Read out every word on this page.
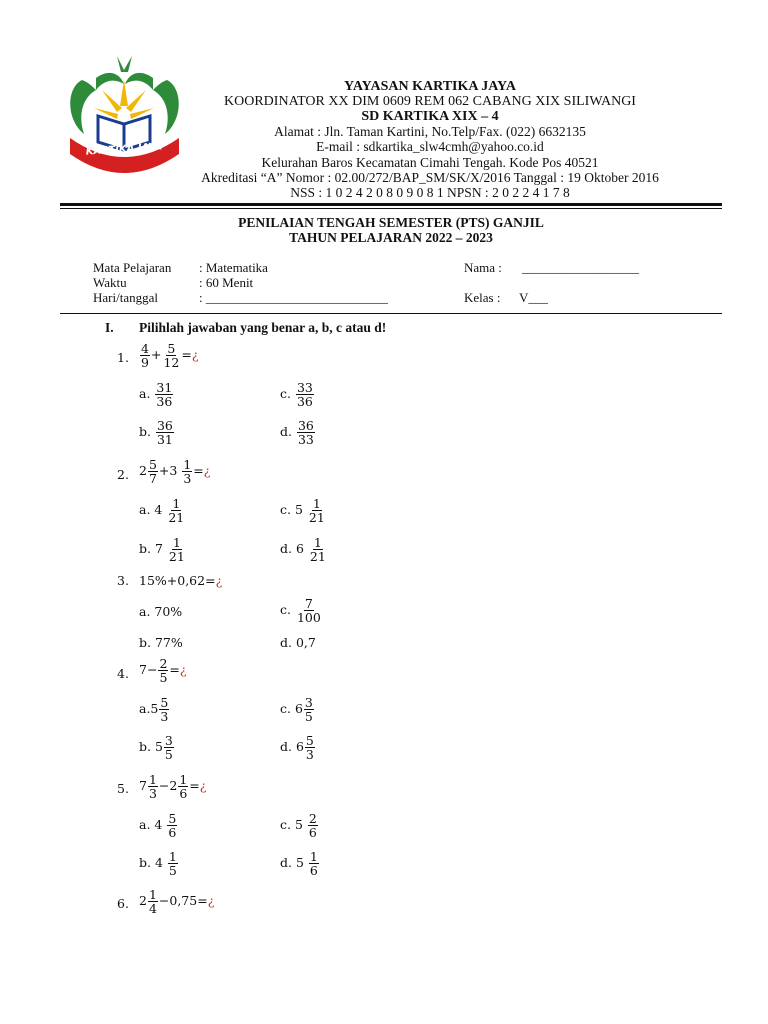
KARTIKA JAYA
YAYASAN KARTIKA JAYA
KOORDINATOR XX DIM 0609 REM 062 CABANG XIX SILIWANGI
SD KARTIKA XIX – 4
Alamat : Jln. Taman Kartini, No.Telp/Fax. (022) 6632135
E-mail : sdkartika_slw4cmh@yahoo.co.id
Kelurahan Baros Kecamatan Cimahi Tengah. Kode Pos 40521
Akreditasi “A” Nomor : 02.00/272/BAP_SM/SK/X/2016 Tanggal : 19 Oktober 2016
NSS : 1 0 2 4 2 0 8 0 9 0 8 1 NPSN : 2 0 2 2 4 1 7 8
PENILAIAN TENGAH SEMESTER (PTS) GANJIL
TAHUN PELAJARAN 2022 – 2023
Mata Pelajaran : Matematika
Waktu	: 60 Menit
Hari/tanggal	: ____________________________
Nama : __________________
Kelas : V___
I. Pilihlah jawaban yang benar a, b, c atau d!
1. $\frac{4}{9} + \frac{5}{12}$ =¿
a. $\frac{31}{36}$	c. $\frac{33}{36}$
b. $\frac{36}{31}$	d. $\frac{36}{33}$
2. $2 \frac{5}{7} +3 \frac{1}{3}$ =¿
a. $4 \frac{1}{21}$	c. $5 \frac{1}{21}$
b. $7 \frac{1}{21}$	d. $6 \frac{1}{21}$
3. 15%+0,62=¿
a. 70%	c. $\frac{7}{100}$
b. 77%	d. 0,7
4. $7- \frac{2}{5}$ =¿
$a.5 \frac{5}{3}$	c. $6 \frac{3}{5}$
b. $5 \frac{3}{5}$	d. $6 \frac{5}{3}$
5. $7 \frac{1}{3} -2 \frac{1}{6}$ =¿
a. $4 \frac{5}{6}$	c. $5 \frac{2}{6}$
b. $4 \frac{1}{5}$	d. $5 \frac{1}{6}$
6. $2 \frac{1}{4}$ −0,75=¿
